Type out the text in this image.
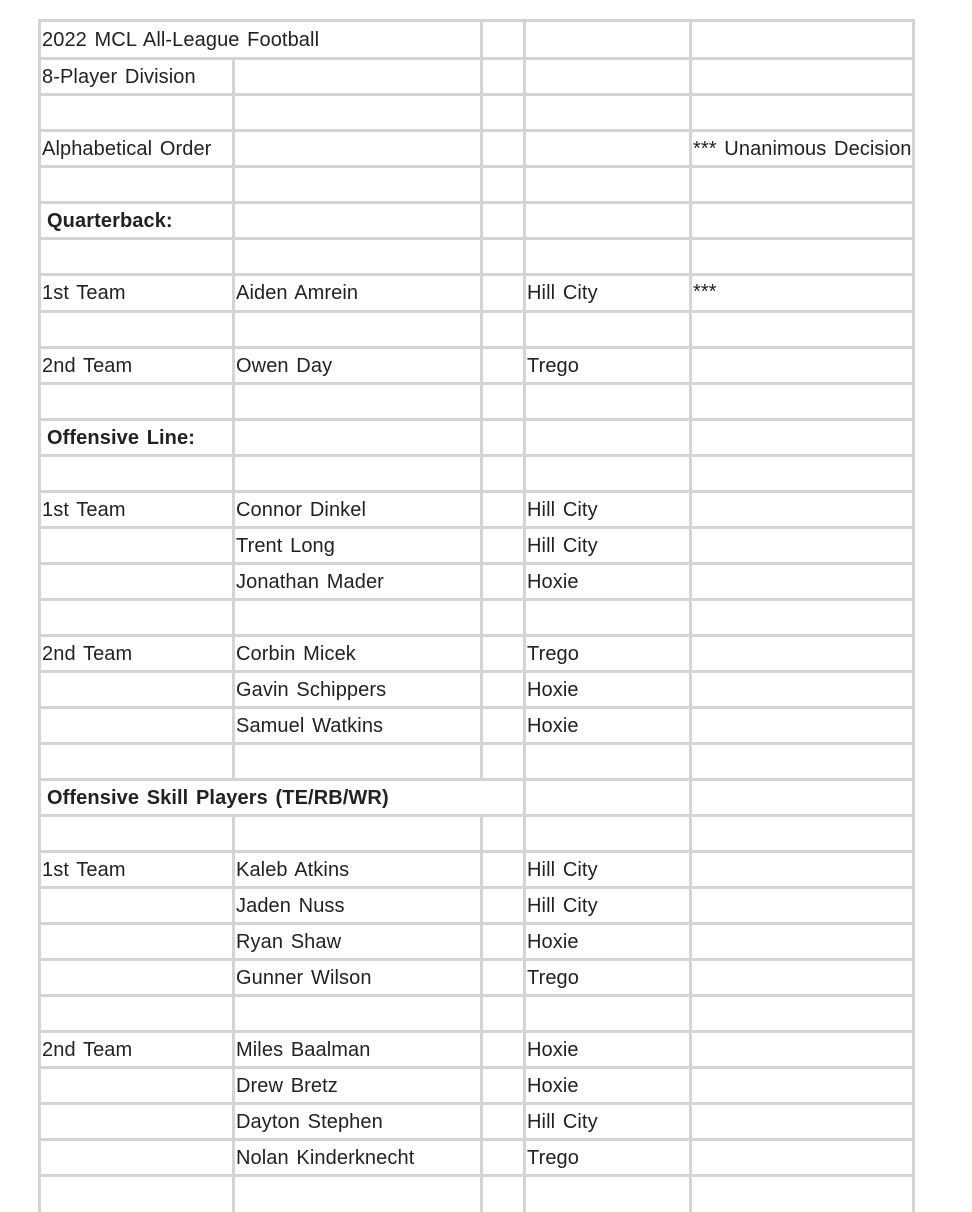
2022 MCL All-League Football				
8-Player Division				

Alphabetical Order				*** Unanimous Decision

Quarterback:				

1st Team	Aiden Amrein		Hill City	***

2nd Team	Owen Day		Trego	

Offensive Line:				

1st Team	Connor Dinkel		Hill City	
	Trent Long		Hill City	
	Jonathan Mader		Hoxie	

2nd Team	Corbin Micek		Trego	
	Gavin Schippers		Hoxie	
	Samuel Watkins		Hoxie	

Offensive Skill Players (TE/RB/WR)				

1st Team	Kaleb Atkins		Hill City	
	Jaden Nuss		Hill City	
	Ryan Shaw		Hoxie	
	Gunner Wilson		Trego	

2nd Team	Miles Baalman		Hoxie	
	Drew Bretz		Hoxie	
	Dayton Stephen		Hill City	
	Nolan Kinderknecht		Trego	
